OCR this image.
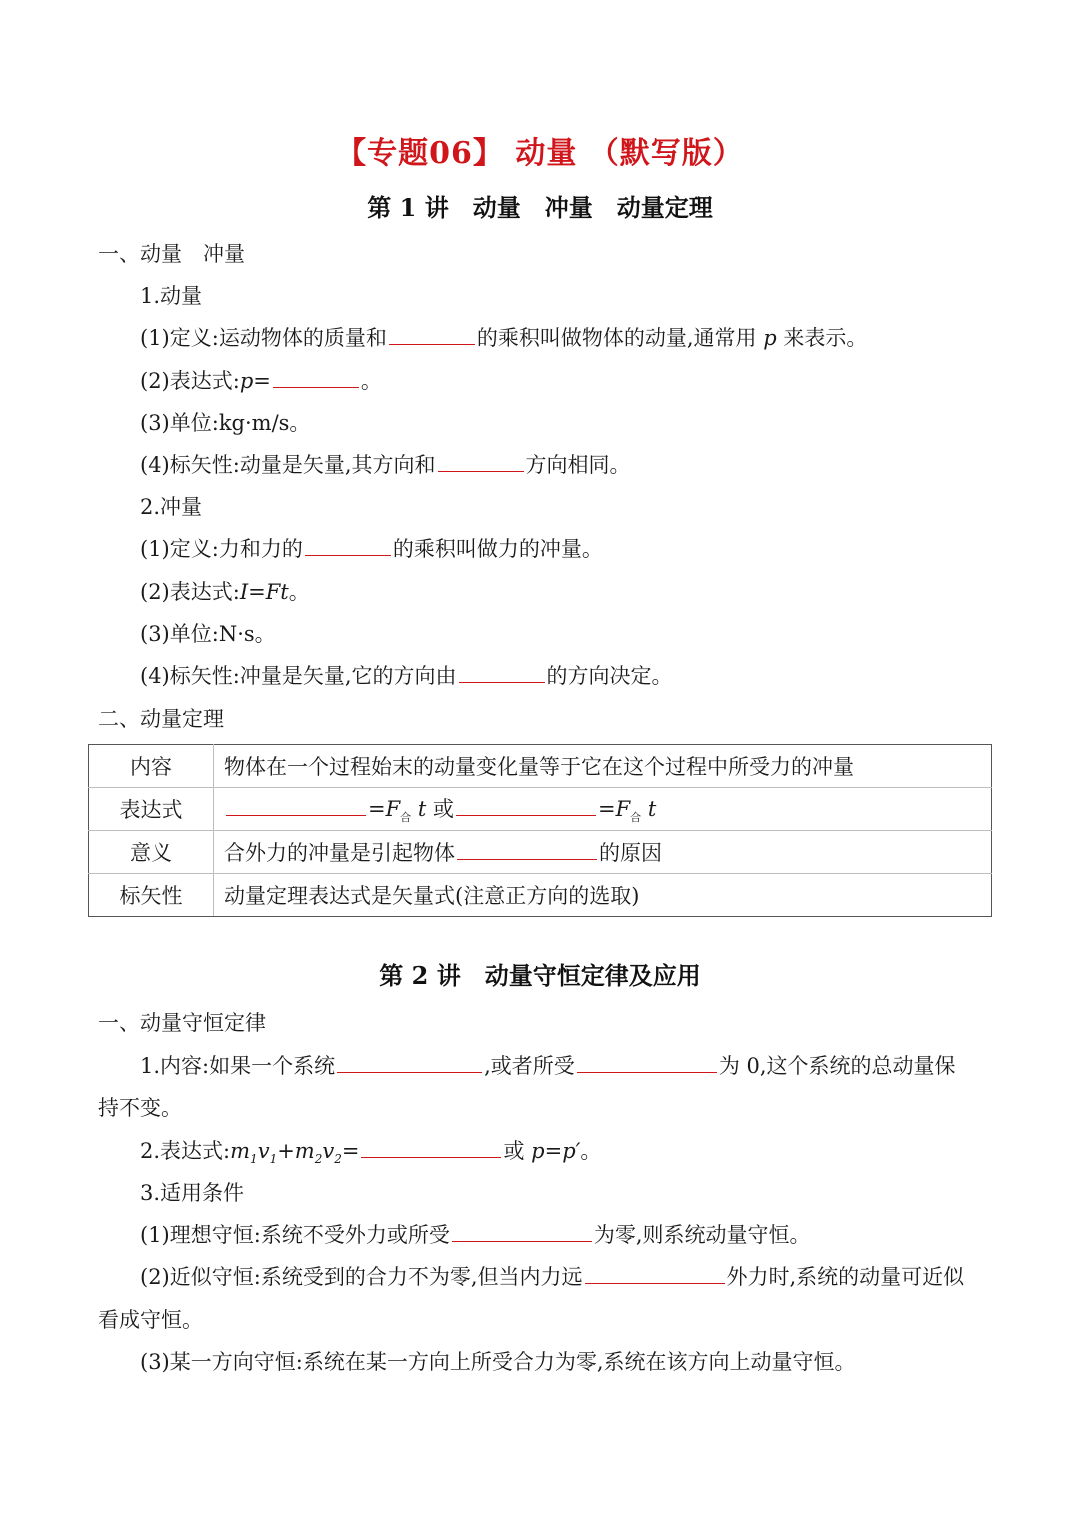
【专题06】 动量 （默写版）
第 1 讲　动量　冲量　动量定理
一、动量　冲量
1.动量
(1)定义:运动物体的质量和	的乘积叫做物体的动量,通常用 p 来表示。
(2)表达式:p=	。
(3)单位:kg·m/s。
(4)标矢性:动量是矢量,其方向和	方向相同。
2.冲量
(1)定义:力和力的	的乘积叫做力的冲量。
(2)表达式:I=Ft。
(3)单位:N·s。
(4)标矢性:冲量是矢量,它的方向由	的方向决定。
二、动量定理
内容	物体在一个过程始末的动量变化量等于它在这个过程中所受力的冲量
表达式	$=F_合$ t 或 $=F_合$ t
意义	合外力的冲量是引起物体 的原因
标矢性	动量定理表达式是矢量式(注意正方向的选取)
第 2 讲　动量守恒定律及应用
一、动量守恒定律
1.内容:如果一个系统	,或者所受	为 0,这个系统的总动量保
持不变。
2.表达式$:m_1v_1+m_2v_2=$	或 p=p′。
3.适用条件
(1)理想守恒:系统不受外力或所受	为零,则系统动量守恒。
(2)近似守恒:系统受到的合力不为零,但当内力远	外力时,系统的动量可近似
看成守恒。
(3)某一方向守恒:系统在某一方向上所受合力为零,系统在该方向上动量守恒。
